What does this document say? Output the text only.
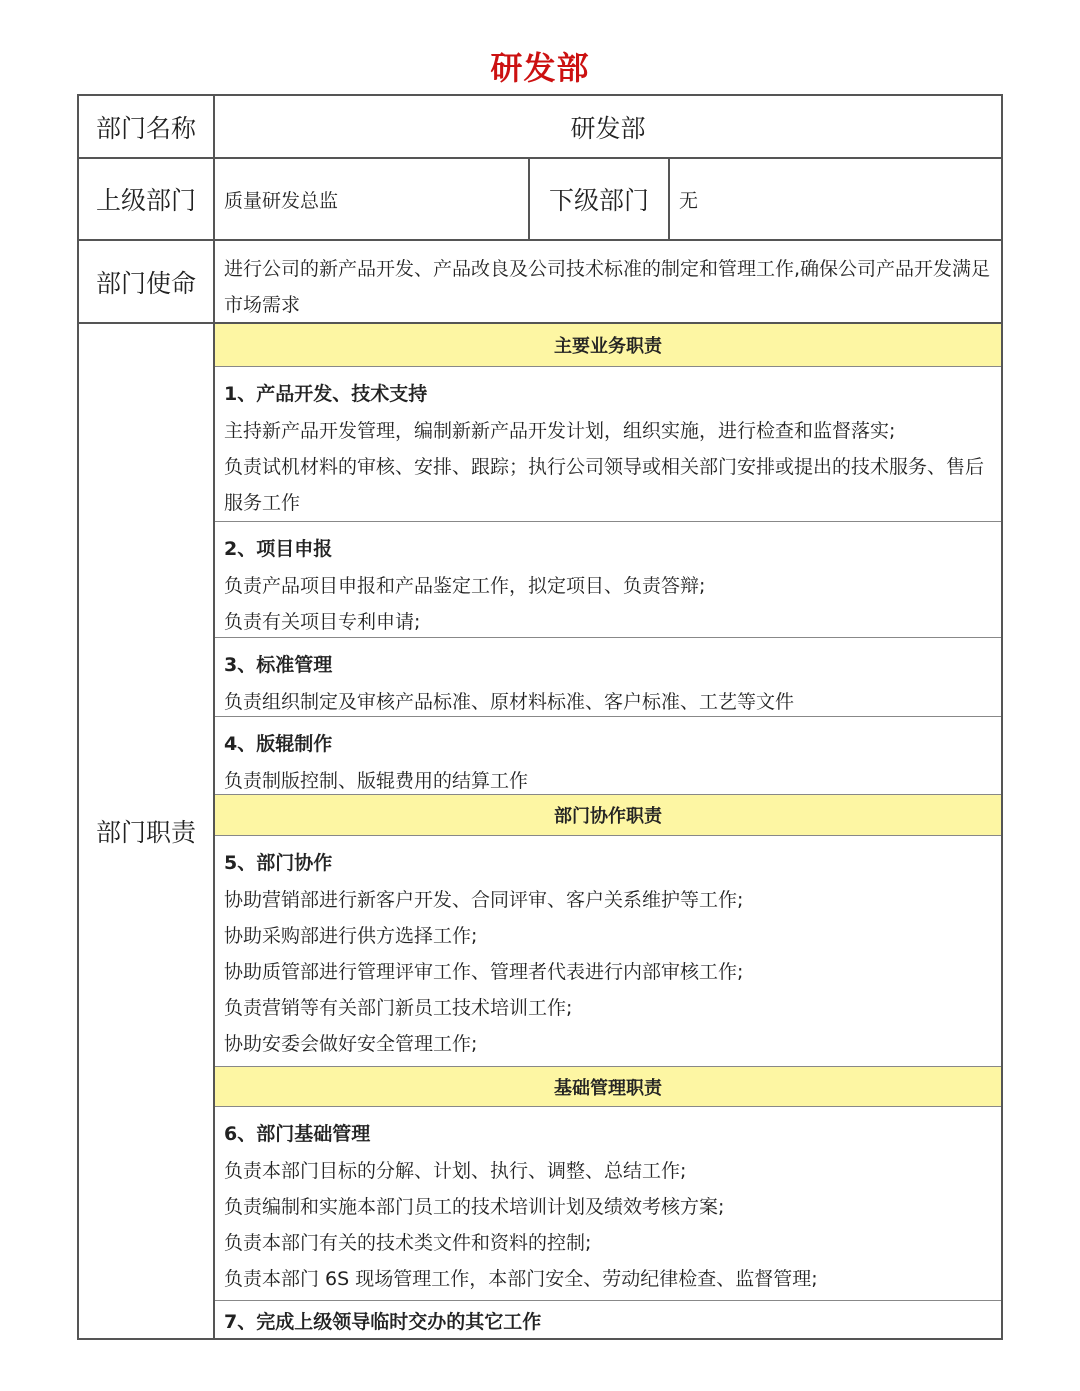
研发部
部门名称	研发部
上级部门	质量研发总监	下级部门	无
部门使命	进行公司的新产品开发、产品改良及公司技术标准的制定和管理工作,确保公司产品开发满足市场需求
部门职责
主要业务职责
1、产品开发、技术支持
主持新产品开发管理，编制新新产品开发计划，组织实施，进行检查和监督落实;
负责试机材料的审核、安排、跟踪；执行公司领导或相关部门安排或提出的技术服务、售后服务工作
2、项目申报
负责产品项目申报和产品鉴定工作，拟定项目、负责答辩;
负责有关项目专利申请;
3、标准管理
负责组织制定及审核产品标准、原材料标准、客户标准、工艺等文件
4、版辊制作
负责制版控制、版辊费用的结算工作
部门协作职责
5、部门协作
协助营销部进行新客户开发、合同评审、客户关系维护等工作;
协助采购部进行供方选择工作;
协助质管部进行管理评审工作、管理者代表进行内部审核工作;
负责营销等有关部门新员工技术培训工作;
协助安委会做好安全管理工作;
基础管理职责
6、部门基础管理
负责本部门目标的分解、计划、执行、调整、总结工作;
负责编制和实施本部门员工的技术培训计划及绩效考核方案;
负责本部门有关的技术类文件和资料的控制;
负责本部门 6S 现场管理工作，本部门安全、劳动纪律检查、监督管理;
7、完成上级领导临时交办的其它工作
